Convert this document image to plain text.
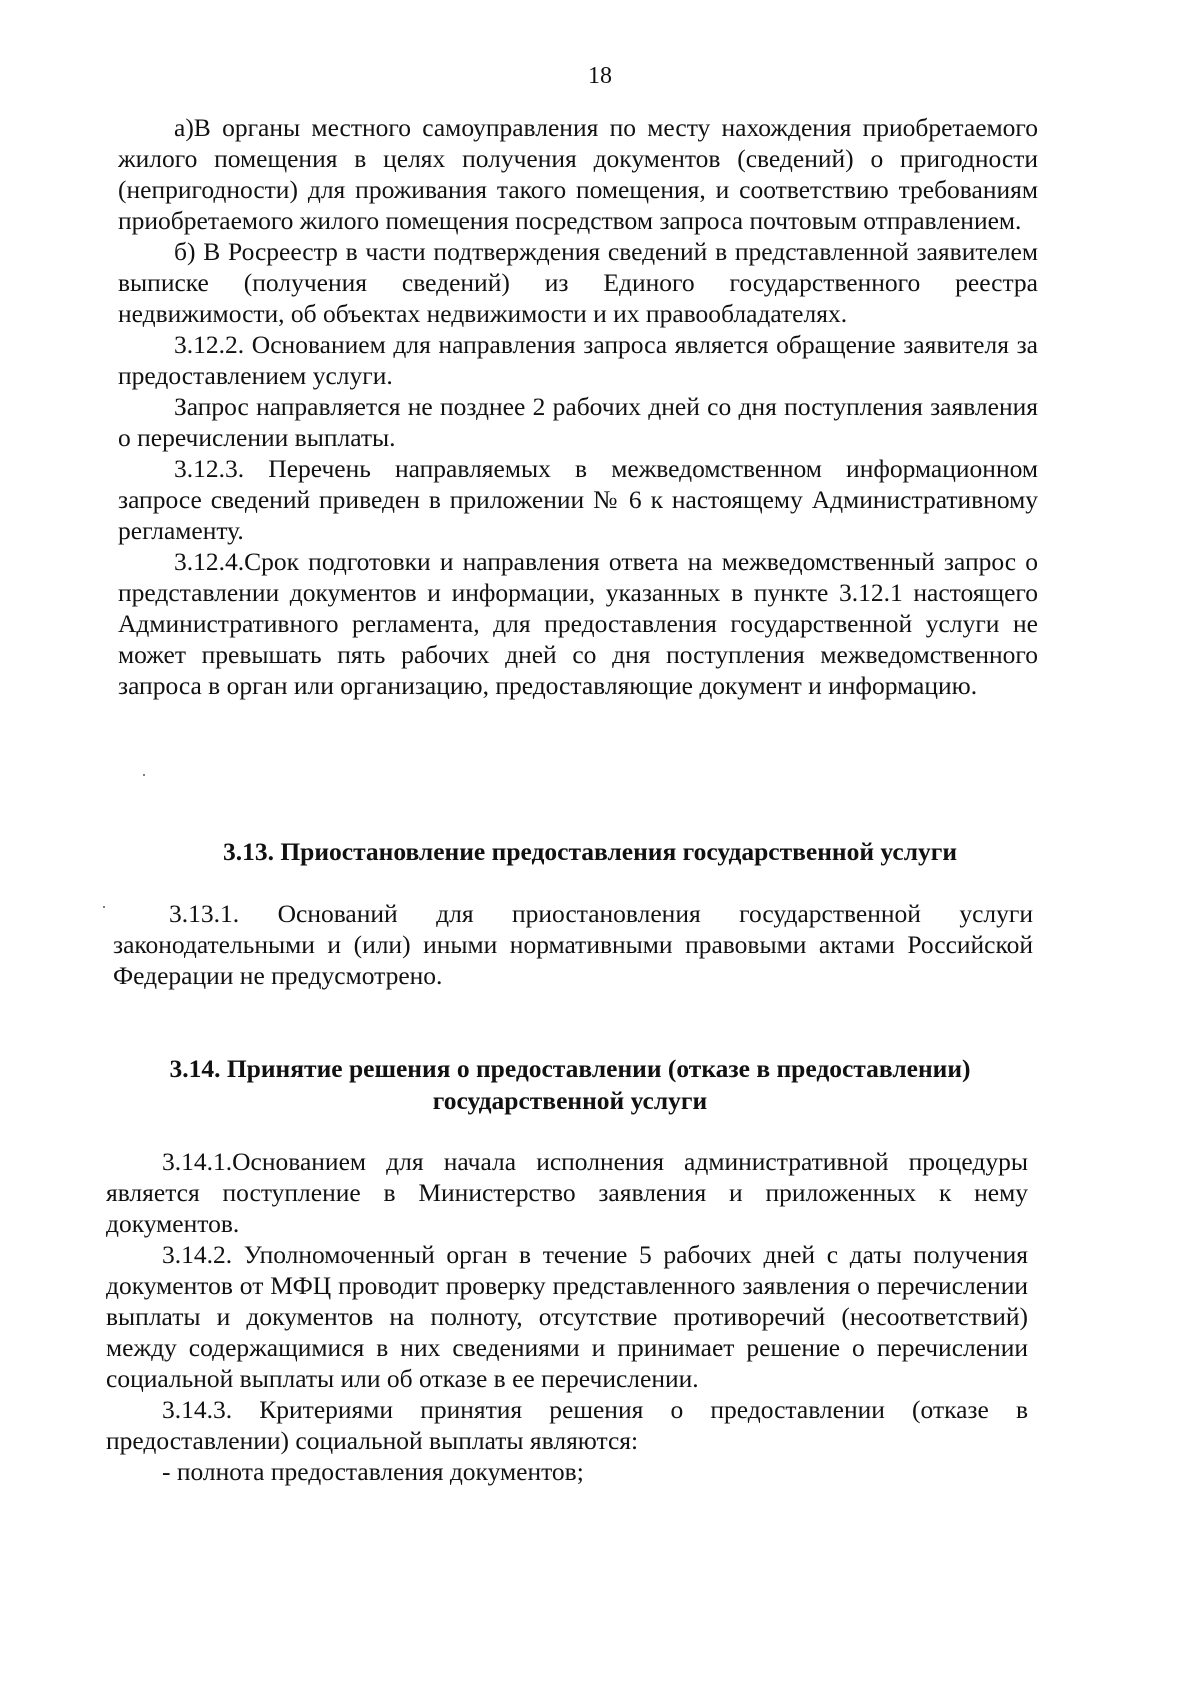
18

а)В органы местного самоуправления по месту нахождения приобретаемого жилого помещения в целях получения документов (сведений) о пригодности (непригодности) для проживания такого помещения, и соответствию требованиям приобретаемого жилого помещения посредством запроса почтовым отправлением.

б) В Росреестр в части подтверждения сведений в представленной заявителем выписке (получения сведений) из Единого государственного реестра недвижимости, об объектах недвижимости и их правообладателях.

3.12.2. Основанием для направления запроса является обращение заявителя за предоставлением услуги.

Запрос направляется не позднее 2 рабочих дней со дня поступления заявления о перечислении выплаты.

3.12.3. Перечень направляемых в межведомственном информационном запросе сведений приведен в приложении № 6 к настоящему Административному регламенту.

3.12.4.Срок подготовки и направления ответа на межведомственный запрос о представлении документов и информации, указанных в пункте 3.12.1 настоящего Административного регламента, для предоставления государственной услуги не может превышать пять рабочих дней со дня поступления межведомственного запроса в орган или организацию, предоставляющие документ и информацию.

3.13. Приостановление предоставления государственной услуги

3.13.1. Оснований для приостановления государственной услуги законодательными и (или) иными нормативными правовыми актами Российской Федерации не предусмотрено.

3.14. Принятие решения о предоставлении (отказе в предоставлении)
государственной услуги

3.14.1.Основанием для начала исполнения административной процедуры является поступление в Министерство заявления и приложенных к нему документов.

3.14.2. Уполномоченный орган в течение 5 рабочих дней с даты получения документов от МФЦ проводит проверку представленного заявления о перечислении выплаты и документов на полноту, отсутствие противоречий (несоответствий) между содержащимися в них сведениями и принимает решение о перечислении социальной выплаты или об отказе в ее перечислении.

3.14.3. Критериями принятия решения о предоставлении (отказе в предоставлении) социальной выплаты являются:

- полнота предоставления документов;
